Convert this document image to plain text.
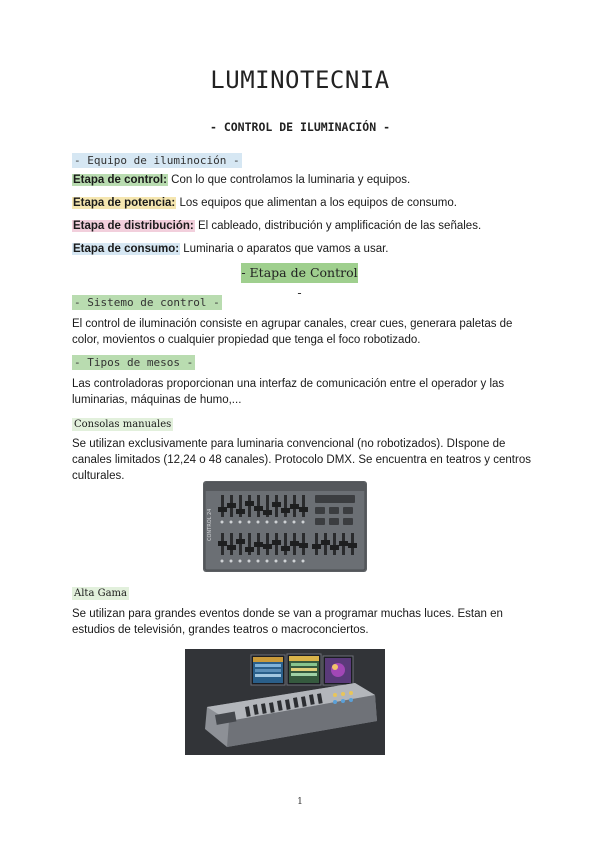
LUMINOTECNIA
- CONTROL DE ILUMINACIÓN -
- Equipo de iluminoción -
Etapa de control: Con lo que controlamos la luminaria y equipos.
Etapa de potencia: Los equipos que alimentan a los equipos de consumo.
Etapa de distribución: El cableado, distribución y amplificación de las señales.
Etapa de consumo: Luminaria o aparatos que vamos a usar.
- Etapa de Control -
- Sistemo de control -
El control de iluminación consiste en agrupar canales, crear cues, generara paletas de color, movientos o cualquier propiedad que tenga el foco robotizado.
- Tipos de mesos -
Las controladoras proporcionan una interfaz de comunicación entre el operador y las luminarias, máquinas de humo,...
Consolas manuales
Se utilizan exclusivamente para luminaria convencional (no robotizados). DIspone de canales limitados (12,24 o 48 canales). Protocolo DMX. Se encuentra en teatros y centros culturales.
CONTROL 24
Alta Gama
Se utilizan para grandes eventos donde se van a programar muchas luces. Estan en estudios de televisión, grandes teatros o macroconciertos.
1
